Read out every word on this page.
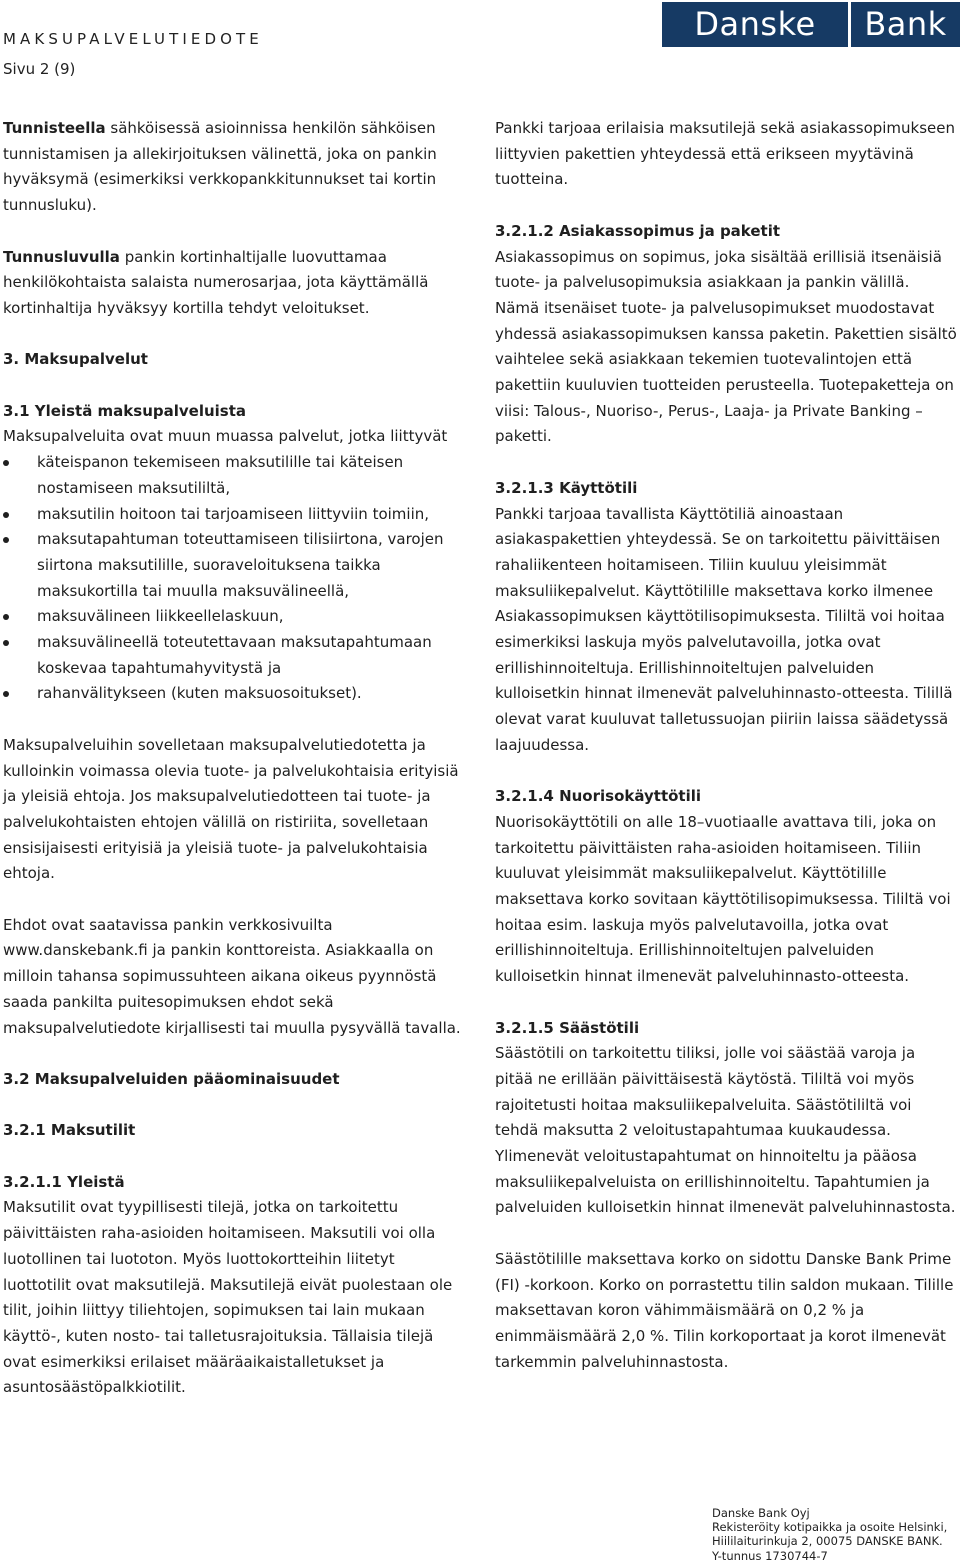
MAKSUPALVELUTIEDOTE
Sivu 2 (9)
Danske	Bank

Tunnisteella sähköisessä asioinnissa henkilön sähköisen tunnistamisen ja allekirjoituksen välinettä, joka on pankin hyväksymä (esimerkiksi verkkopankkitunnukset tai kortin tunnusluku).

Tunnusluvulla pankin kortinhaltijalle luovuttamaa henkilökohtaista salaista numerosarjaa, jota käyttämällä kortinhaltija hyväksyy kortilla tehdyt veloitukset.

3. Maksupalvelut

3.1 Yleistä maksupalveluista

Maksupalveluita ovat muun muassa palvelut, jotka liittyvät

käteispanon tekemiseen maksutilille tai käteisen nostamiseen maksutililtä,
maksutilin hoitoon tai tarjoamiseen liittyviin toimiin,
maksutapahtuman toteuttamiseen tilisiirtona, varojen siirtona maksutilille, suoraveloituksena taikka maksukortilla tai muulla maksuvälineellä,
maksuvälineen liikkeellelaskuun,
maksuvälineellä toteutettavaan maksutapahtumaan koskevaa tapahtumahyvitystä ja
rahanvälitykseen (kuten maksuosoitukset).

Maksupalveluihin sovelletaan maksupalvelutiedotetta ja kulloinkin voimassa olevia tuote- ja palvelukohtaisia erityisiä ja yleisiä ehtoja. Jos maksupalvelutiedotteen tai tuote- ja palvelukohtaisten ehtojen välillä on ristiriita, sovelletaan ensisijaisesti erityisiä ja yleisiä tuote- ja palvelukohtaisia ehtoja.

Ehdot ovat saatavissa pankin verkkosivuilta www.danskebank.fi ja pankin konttoreista. Asiakkaalla on milloin tahansa sopimussuhteen aikana oikeus pyynnöstä saada pankilta puitesopimuksen ehdot sekä maksupalvelutiedote kirjallisesti tai muulla pysyvällä tavalla.

3.2 Maksupalveluiden pääominaisuudet

3.2.1 Maksutilit

3.2.1.1 Yleistä

Maksutilit ovat tyypillisesti tilejä, jotka on tarkoitettu päivittäisten raha-asioiden hoitamiseen. Maksutili voi olla luotollinen tai luototon. Myös luottokortteihin liitetyt luottotilit ovat maksutilejä. Maksutilejä eivät puolestaan ole tilit, joihin liittyy tiliehtojen, sopimuksen tai lain mukaan käyttö-, kuten nosto- tai talletusrajoituksia. Tällaisia tilejä ovat esimerkiksi erilaiset määräaikaistalletukset ja asuntosäästöpalkkiotilit.

Pankki tarjoaa erilaisia maksutilejä sekä asiakassopimukseen liittyvien pakettien yhteydessä että erikseen myytävinä tuotteina.

3.2.1.2 Asiakassopimus ja paketit

Asiakassopimus on sopimus, joka sisältää erillisiä itsenäisiä tuote- ja palvelusopimuksia asiakkaan ja pankin välillä. Nämä itsenäiset tuote- ja palvelusopimukset muodostavat yhdessä asiakassopimuksen kanssa paketin. Pakettien sisältö vaihtelee sekä asiakkaan tekemien tuotevalintojen että pakettiin kuuluvien tuotteiden perusteella. Tuotepaketteja on viisi: Talous-, Nuoriso-, Perus-, Laaja- ja Private Banking –paketti.

3.2.1.3 Käyttötili

Pankki tarjoaa tavallista Käyttötiliä ainoastaan asiakaspakettien yhteydessä. Se on tarkoitettu päivittäisen rahaliikenteen hoitamiseen. Tiliin kuuluu yleisimmät maksuliikepalvelut. Käyttötilille maksettava korko ilmenee Asiakassopimuksen käyttötilisopimuksesta. Tililtä voi hoitaa esimerkiksi laskuja myös palvelutavoilla, jotka ovat erillishinnoiteltuja. Erillishinnoiteltujen palveluiden kulloisetkin hinnat ilmenevät palveluhinnasto-otteesta. Tilillä olevat varat kuuluvat talletussuojan piiriin laissa säädetyssä laajuudessa.

3.2.1.4 Nuorisokäyttötili

Nuorisokäyttötili on alle 18–vuotiaalle avattava tili, joka on tarkoitettu päivittäisten raha-asioiden hoitamiseen. Tiliin kuuluvat yleisimmät maksuliikepalvelut. Käyttötilille maksettava korko sovitaan käyttötilisopimuksessa. Tililtä voi hoitaa esim. laskuja myös palvelutavoilla, jotka ovat erillishinnoiteltuja. Erillishinnoiteltujen palveluiden kulloisetkin hinnat ilmenevät palveluhinnasto-otteesta.

3.2.1.5 Säästötili

Säästötili on tarkoitettu tiliksi, jolle voi säästää varoja ja pitää ne erillään päivittäisestä käytöstä. Tililtä voi myös rajoitetusti hoitaa maksuliikepalveluita. Säästötililtä voi tehdä maksutta 2 veloitustapahtumaa kuukaudessa. Ylimenevät veloitustapahtumat on hinnoiteltu ja pääosa maksuliikepalveluista on erillishinnoiteltu. Tapahtumien ja palveluiden kulloisetkin hinnat ilmenevät palveluhinnastosta.

Säästötilille maksettava korko on sidottu Danske Bank Prime (FI) -korkoon. Korko on porrastettu tilin saldon mukaan. Tilille maksettavan koron vähimmäismäärä on 0,2 % ja enimmäismäärä 2,0 %. Tilin korkoportaat ja korot ilmenevät tarkemmin palveluhinnastosta.

Danske Bank Oyj
Rekisteröity kotipaikka ja osoite Helsinki,
Hiililaiturinkuja 2, 00075 DANSKE BANK.
Y-tunnus 1730744-7
